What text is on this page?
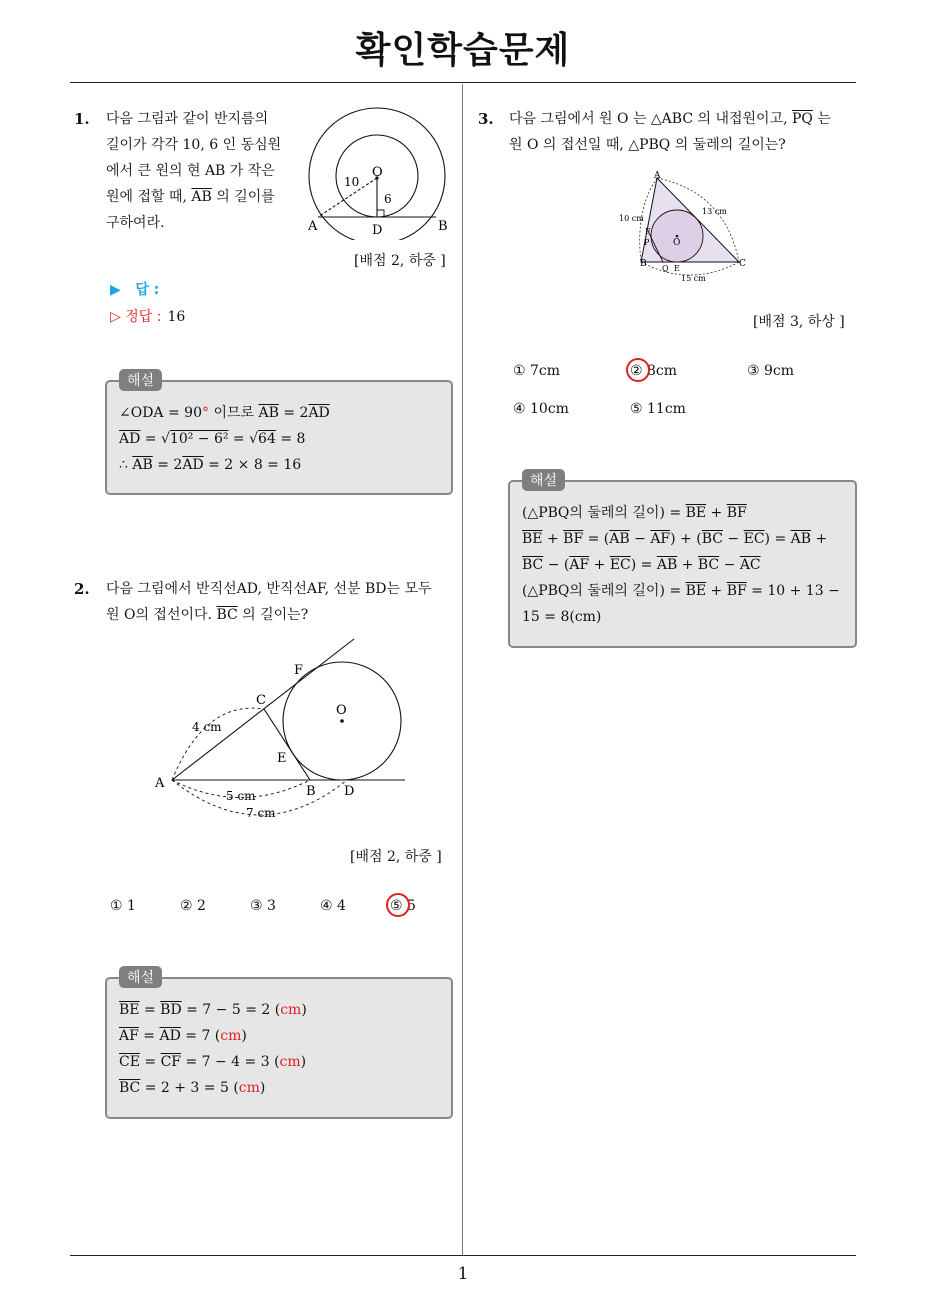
확인학습문제
1. 다음 그림과 같이 반지름의
길이가 각각 10, 6 인 동심원
에서 큰 원의 현 AB 가 작은
원에 접할 때, $\overline{AB}$ 의 길이를
구하여라.
O
10
6
A	D	B
[배점 2, 하중 ]
▶ 답 :
▷ 정답 : 16
해설
∠ODA = 90° 이므로 $\overline{AB} = 2\overline{AD}$
$\overline{AD} = √10^2 - 6^2 = √64 = 8$
∴ $\overline{AB} = 2\overline{AD} = 2 \times 8 = 16$
2. 다음 그림에서 반직선AD, 반직선AF, 선분 BD는 모두
원 O의 접선이다. $\overline{BC}$ 의 길이는?
F
C
O
4 cm
E
A
5 cm	B D
7 cm
[배점 2, 하중 ]
① 1	② 2	③ 3	④ 4	⑤ 5
해설
$\overline{BE} = \overline{BD} = 7 - 5 = 2$ (cm)
$\overline{AF} = \overline{AD} = 7$ (cm)
$\overline{CE} = \overline{CF} = 7 - 4 = 3$ (cm)
$\overline{BC} = 2 + 3 = 5$ (cm)
3. 다음 그림에서 원 O 는 △ABC 의 내접원이고, $\overline{PQ}$ 는
원 O 의 접선일 때, △PBQ 의 둘레의 길이는?
A
10 cm
13 cm
F
P	O
B Q E	C
15 cm
[배점 3, 하상 ]
① 7cm	② 8cm	③ 9cm
④ 10cm	⑤ 11cm
해설
(△PBQ의 둘레의 길이) = $\overline{BE} + \overline{BF}$
$\overline{BE} + \overline{BF} = (\overline{AB} - \overline{AF}) + (\overline{BC} - \overline{EC}) = \overline{AB}$ +
$\overline{BC} - (\overline{AF} + \overline{EC}) = \overline{AB} + \overline{BC} - \overline{AC}$
(△PBQ의 둘레의 길이) = $\overline{BE} + \overline{BF} = 10 + 13$ −
15 = 8(cm)
1
